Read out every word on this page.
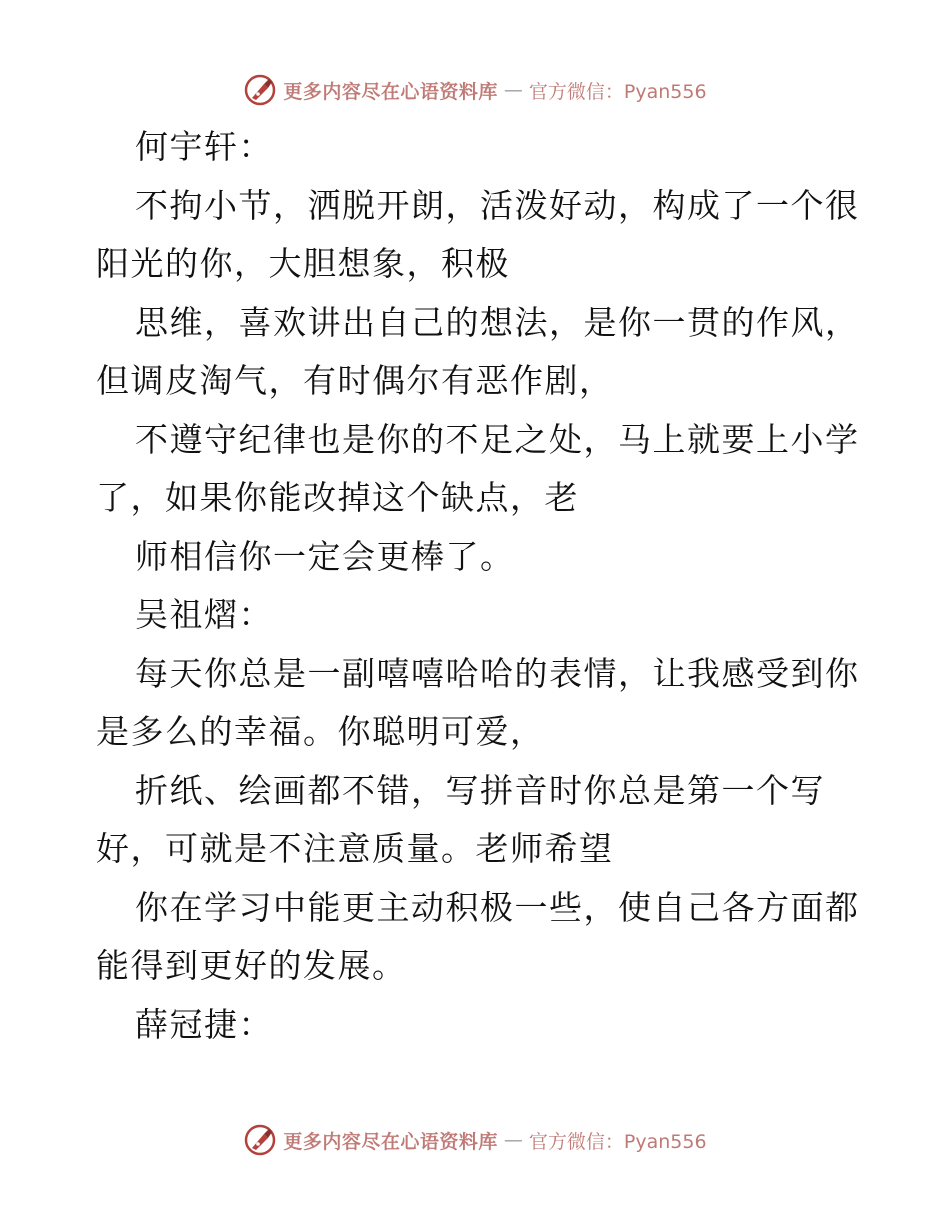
更多内容尽在心语资料库 — 官方微信：Pyan556
何宇轩：
不拘小节，洒脱开朗，活泼好动，构成了一个很
阳光的你，大胆想象，积极
思维，喜欢讲出自己的想法，是你一贯的作风，
但调皮淘气，有时偶尔有恶作剧，
不遵守纪律也是你的不足之处，马上就要上小学
了，如果你能改掉这个缺点，老
师相信你一定会更棒了。
吴祖熠：
每天你总是一副嘻嘻哈哈的表情，让我感受到你
是多么的幸福。你聪明可爱，
折纸、绘画都不错，写拼音时你总是第一个写
好，可就是不注意质量。老师希望
你在学习中能更主动积极一些，使自己各方面都
能得到更好的发展。
薛冠捷：
更多内容尽在心语资料库 — 官方微信：Pyan556
